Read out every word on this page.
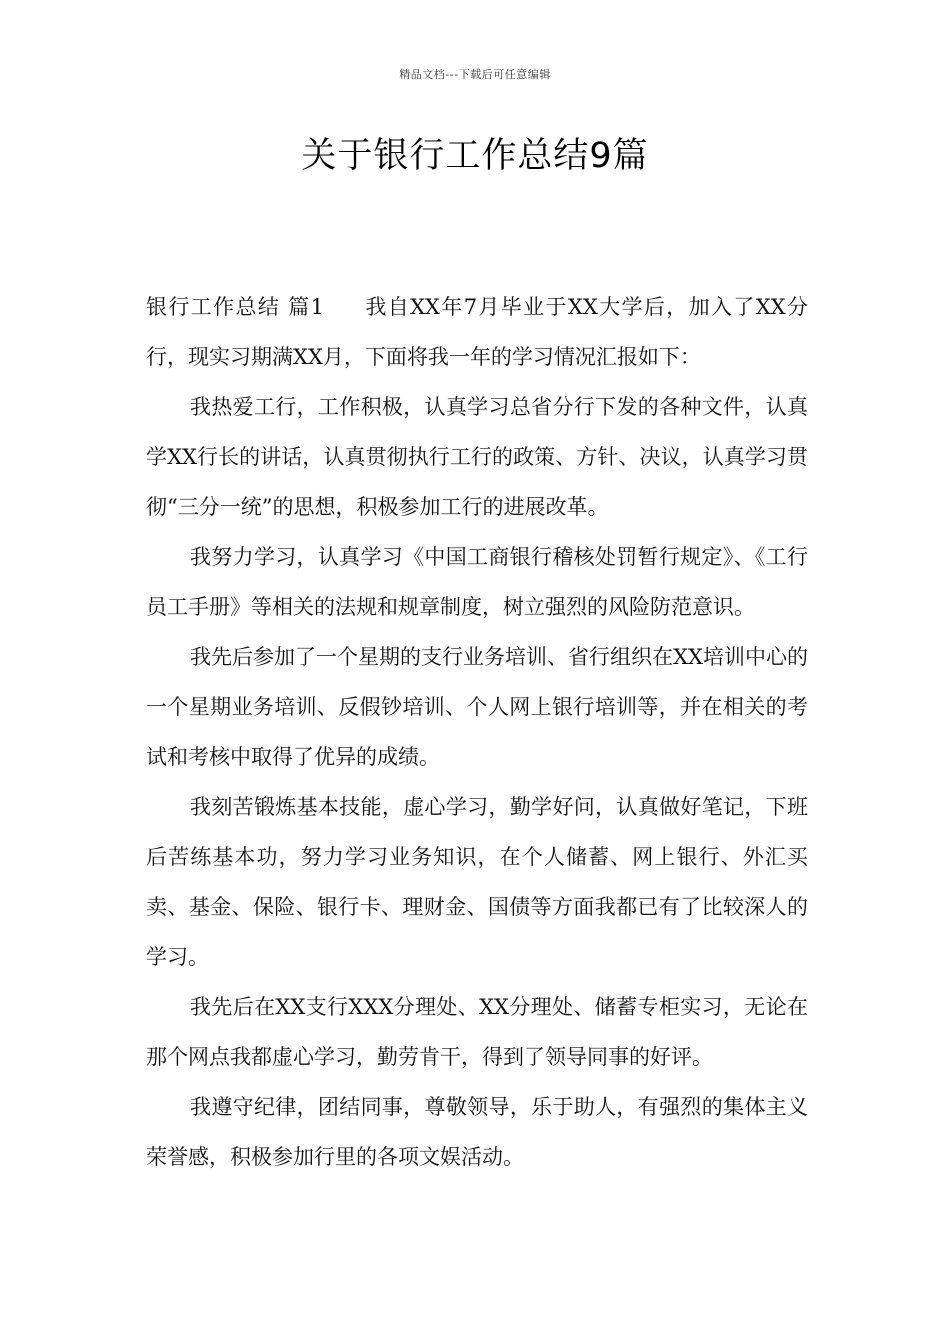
精品文档---下载后可任意编辑
关于银行工作总结9篇

银行工作总结 篇1 我自XX年7月毕业于XX大学后，加入了XX分行，现实习期满XX月，下面将我一年的学习情况汇报如下：

我热爱工行，工作积极，认真学习总省分行下发的各种文件，认真学XX行长的讲话，认真贯彻执行工行的政策、方针、决议，认真学习贯彻“三分一统”的思想，积极参加工行的进展改革。

我努力学习，认真学习《中国工商银行稽核处罚暂行规定》、《工行员工手册》等相关的法规和规章制度，树立强烈的风险防范意识。

我先后参加了一个星期的支行业务培训、省行组织在XX培训中心的一个星期业务培训、反假钞培训、个人网上银行培训等，并在相关的考试和考核中取得了优异的成绩。

我刻苦锻炼基本技能，虚心学习，勤学好问，认真做好笔记，下班后苦练基本功，努力学习业务知识，在个人储蓄、网上银行、外汇买卖、基金、保险、银行卡、理财金、国债等方面我都已有了比较深人的学习。

我先后在XX支行XXX分理处、XX分理处、储蓄专柜实习，无论在那个网点我都虚心学习，勤劳肯干，得到了领导同事的好评。

我遵守纪律，团结同事，尊敬领导，乐于助人，有强烈的集体主义荣誉感，积极参加行里的各项文娱活动。
